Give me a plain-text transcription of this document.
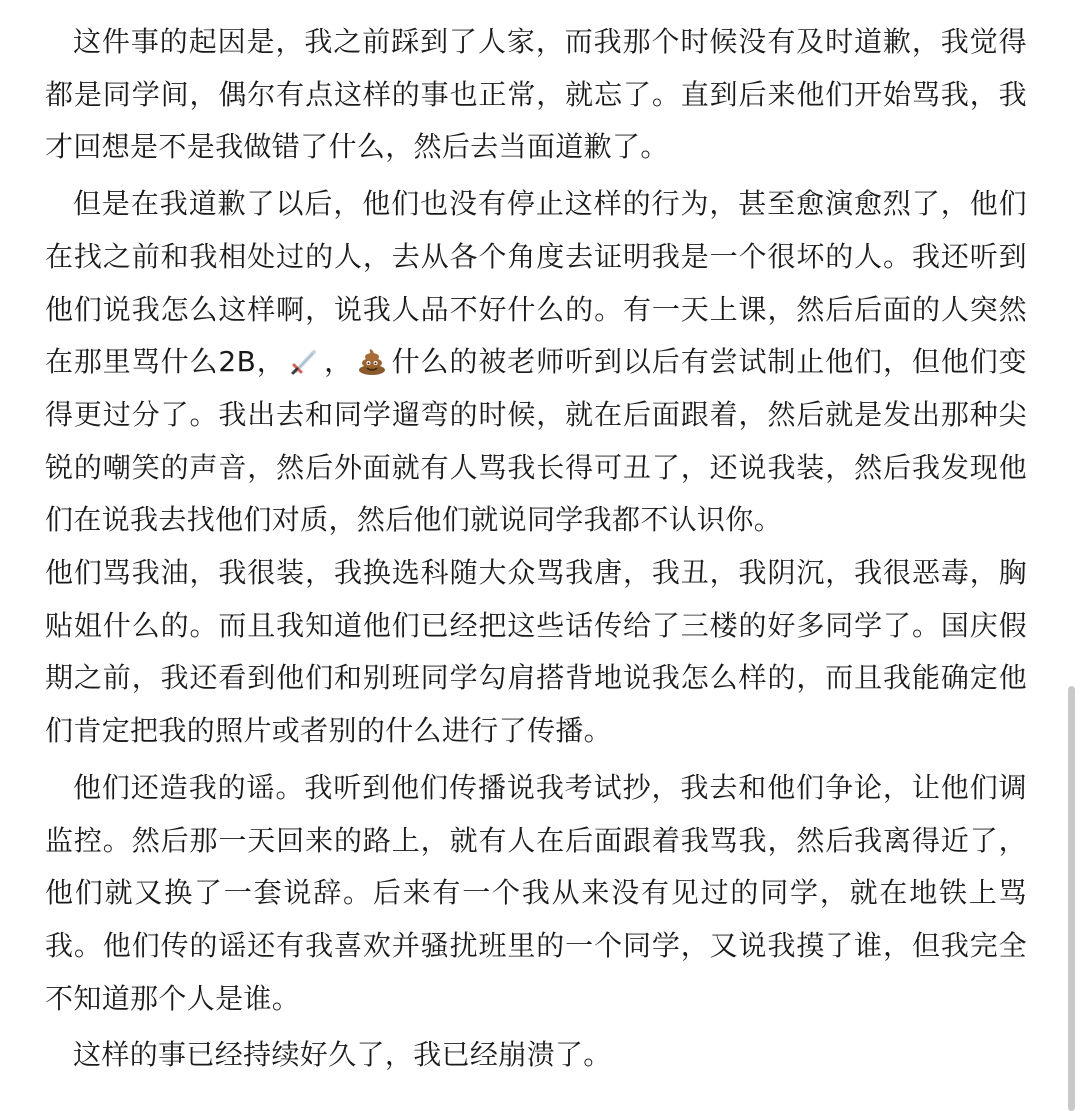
这件事的起因是，我之前踩到了人家，而我那个时候没有及时道歉，我觉得都是同学间，偶尔有点这样的事也正常，就忘了。直到后来他们开始骂我，我才回想是不是我做错了什么，然后去当面道歉了。

但是在我道歉了以后，他们也没有停止这样的行为，甚至愈演愈烈了，他们在找之前和我相处过的人，去从各个角度去证明我是一个很坏的人。我还听到他们说我怎么这样啊，说我人品不好什么的。有一天上课，然后后面的人突然在那里骂什么2B， ， 什么的被老师听到以后有尝试制止他们，但他们变得更过分了。我出去和同学遛弯的时候，就在后面跟着，然后就是发出那种尖锐的嘲笑的声音，然后外面就有人骂我长得可丑了，还说我装，然后我发现他们在说我去找他们对质，然后他们就说同学我都不认识你。

他们骂我油，我很装，我换选科随大众骂我唐，我丑，我阴沉，我很恶毒，胸贴姐什么的。而且我知道他们已经把这些话传给了三楼的好多同学了。国庆假期之前，我还看到他们和别班同学勾肩搭背地说我怎么样的，而且我能确定他们肯定把我的照片或者别的什么进行了传播。

他们还造我的谣。我听到他们传播说我考试抄，我去和他们争论，让他们调监控。然后那一天回来的路上，就有人在后面跟着我骂我，然后我离得近了，他们就又换了一套说辞。后来有一个我从来没有见过的同学，就在地铁上骂我。他们传的谣还有我喜欢并骚扰班里的一个同学，又说我摸了谁，但我完全不知道那个人是谁。

这样的事已经持续好久了，我已经崩溃了。
